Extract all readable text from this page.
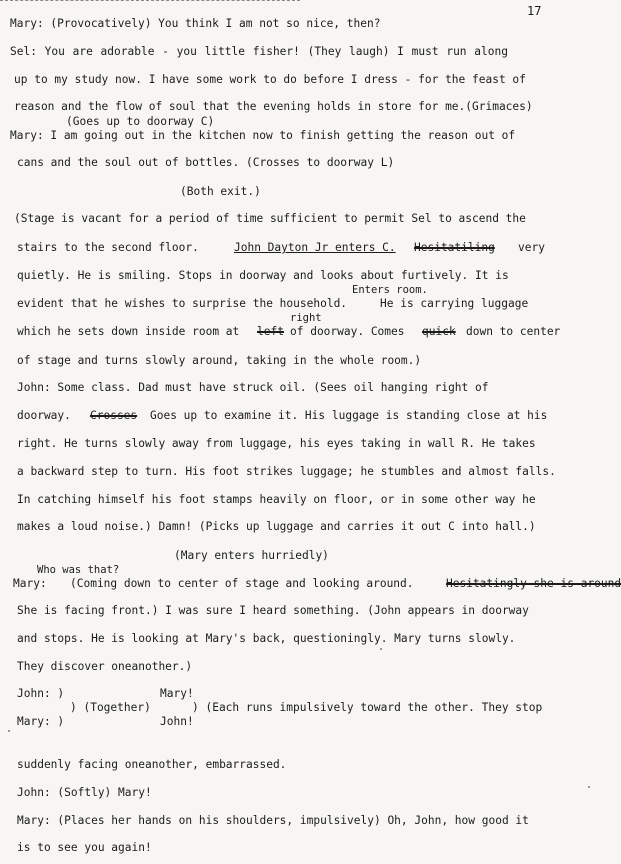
17
Mary: (Provocatively) You think I am not so nice, then?
Sel: You are adorable - you little fisher! (They laugh) I must run along
up to my study now. I have some work to do before I dress - for the feast of
reason and the flow of soul that the evening holds in store for me.(Grimaces)
(Goes up to doorway C)
Mary: I am going out in the kitchen now to finish getting the reason out of
cans and the soul out of bottles. (Crosses to doorway L)
(Both exit.)
(Stage is vacant for a period of time sufficient to permit Sel to ascend the
stairs to the second floor.	John Dayton Jr enters C. Hesitatiling very
quietly. He is smiling. Stops in doorway and looks about furtively. It is
Enters room.
evident that he wishes to surprise the household.	He is carrying luggage
right
which he sets down inside room at left of doorway. Comes quick down to center
of stage and turns slowly around, taking in the whole room.)
John: Some class. Dad must have struck oil. (Sees oil hanging right of
doorway. Crosses Goes up to examine it. His luggage is standing close at his
right. He turns slowly away from luggage, his eyes taking in wall R. He takes
a backward step to turn. His foot strikes luggage; he stumbles and almost falls.
In catching himself his foot stamps heavily on floor, or in some other way he
makes a loud noise.) Damn! (Picks up luggage and carries it out C into hall.)
(Mary enters hurriedly)
Who was that?
Mary: (Coming down to center of stage and looking around.	Hesitatingly she is around
She is facing front.) I was sure I heard something. (John appears in doorway
and stops. He is looking at Mary's back, questioningly. Mary turns slowly.
They discover oneanother.)
John: )	Mary!
) (Together)	) (Each runs impulsively toward the other. They stop
Mary: )	John!
suddenly facing oneanother, embarrassed.
John: (Softly) Mary!
Mary: (Places her hands on his shoulders, impulsively) Oh, John, how good it
is to see you again!
